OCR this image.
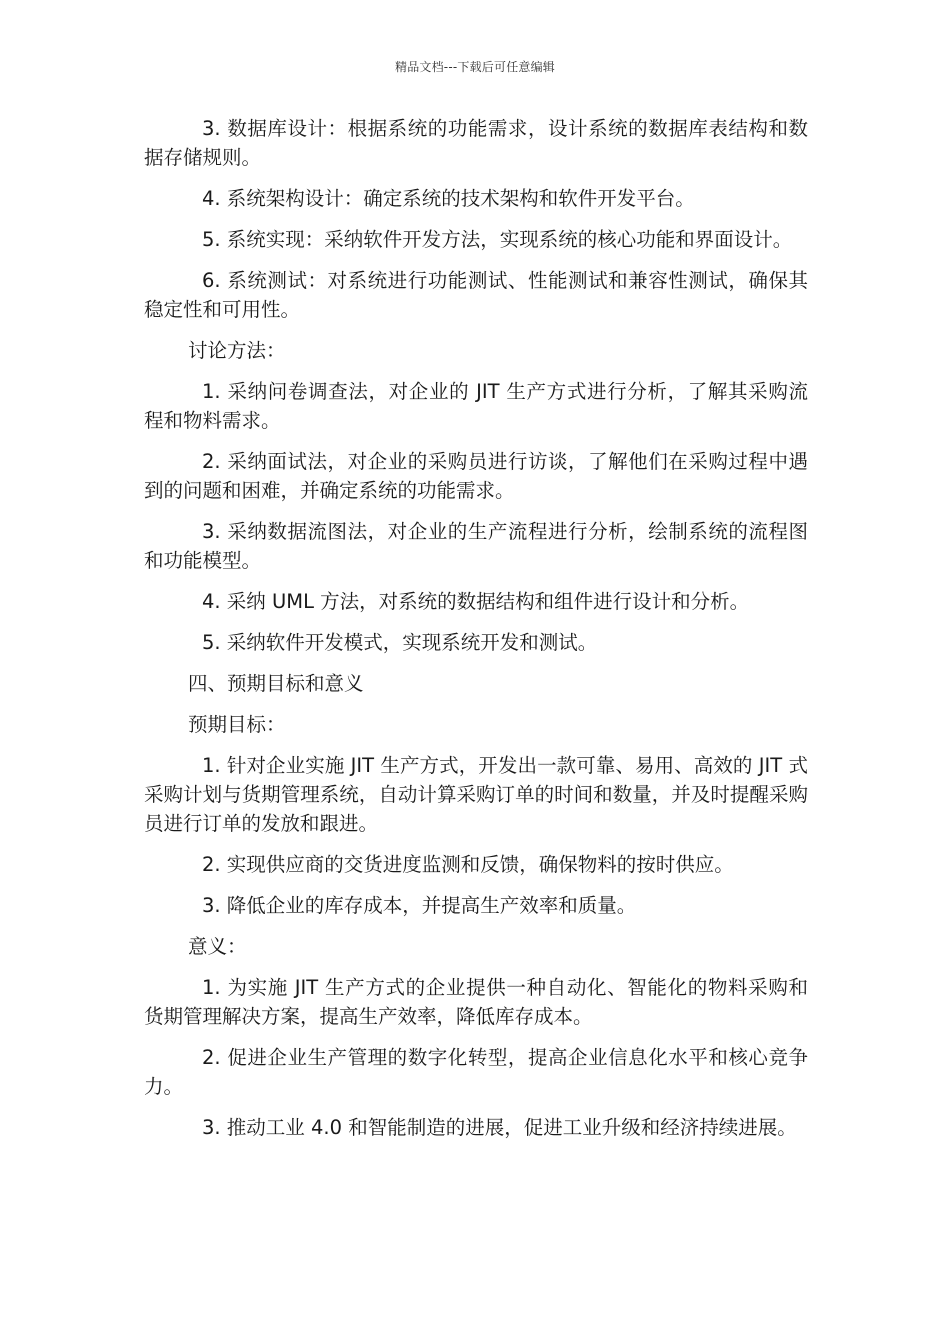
精品文档---下载后可任意编辑

3. 数据库设计：根据系统的功能需求，设计系统的数据库表结构和数据存储规则。

4. 系统架构设计：确定系统的技术架构和软件开发平台。

5. 系统实现：采纳软件开发方法，实现系统的核心功能和界面设计。

6. 系统测试：对系统进行功能测试、性能测试和兼容性测试，确保其稳定性和可用性。

讨论方法：

1. 采纳问卷调查法，对企业的 JIT 生产方式进行分析，了解其采购流程和物料需求。

2. 采纳面试法，对企业的采购员进行访谈，了解他们在采购过程中遇到的问题和困难，并确定系统的功能需求。

3. 采纳数据流图法，对企业的生产流程进行分析，绘制系统的流程图和功能模型。

4. 采纳 UML 方法，对系统的数据结构和组件进行设计和分析。

5. 采纳软件开发模式，实现系统开发和测试。

四、预期目标和意义

预期目标：

1. 针对企业实施 JIT 生产方式，开发出一款可靠、易用、高效的 JIT 式采购计划与货期管理系统，自动计算采购订单的时间和数量，并及时提醒采购员进行订单的发放和跟进。

2. 实现供应商的交货进度监测和反馈，确保物料的按时供应。

3. 降低企业的库存成本，并提高生产效率和质量。

意义：

1. 为实施 JIT 生产方式的企业提供一种自动化、智能化的物料采购和货期管理解决方案，提高生产效率，降低库存成本。

2. 促进企业生产管理的数字化转型，提高企业信息化水平和核心竞争力。

3. 推动工业 4.0 和智能制造的进展，促进工业升级和经济持续进展。
